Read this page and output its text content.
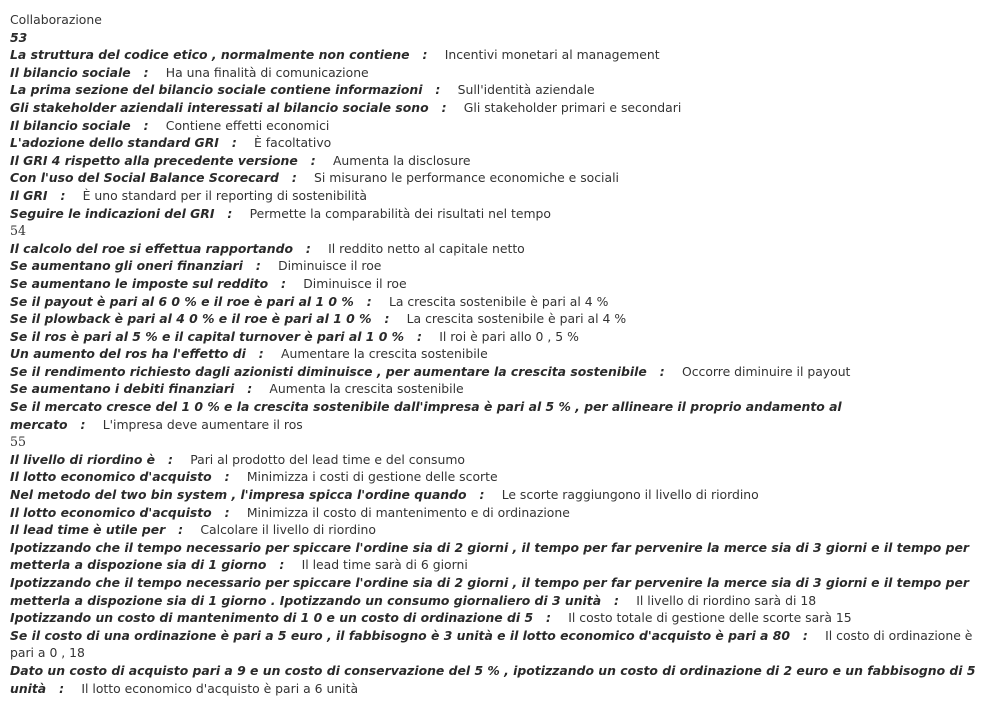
Collaborazione
53
La struttura del codice etico , normalmente non contiene   :    Incentivi monetari al management
Il bilancio sociale   :    Ha una finalità di comunicazione
La prima sezione del bilancio sociale contiene informazioni   :    Sull'identità aziendale
Gli stakeholder aziendali interessati al bilancio sociale sono   :    Gli stakeholder primari e secondari
Il bilancio sociale   :    Contiene effetti economici
L'adozione dello standard GRI   :    È facoltativo
Il GRI 4 rispetto alla precedente versione   :    Aumenta la disclosure
Con l'uso del Social Balance Scorecard   :    Si misurano le performance economiche e sociali
Il GRI   :    È uno standard per il reporting di sostenibilità
Seguire le indicazioni del GRI   :    Permette la comparabilità dei risultati nel tempo
54
Il calcolo del roe si effettua rapportando   :    Il reddito netto al capitale netto
Se aumentano gli oneri finanziari   :    Diminuisce il roe
Se aumentano le imposte sul reddito   :    Diminuisce il roe
Se il payout è pari al 6 0 % e il roe è pari al 1 0 %   :    La crescita sostenibile è pari al 4 %
Se il plowback è pari al 4 0 % e il roe è pari al 1 0 %   :    La crescita sostenibile è pari al 4 %
Se il ros è pari al 5 % e il capital turnover è pari al 1 0 %   :    Il roi è pari allo 0 , 5 %
Un aumento del ros ha l'effetto di   :    Aumentare la crescita sostenibile
Se il rendimento richiesto dagli azionisti diminuisce , per aumentare la crescita sostenibile   :    Occorre diminuire il payout
Se aumentano i debiti finanziari   :    Aumenta la crescita sostenibile
Se il mercato cresce del 1 0 % e la crescita sostenibile dall'impresa è pari al 5 % , per allineare il proprio andamento al mercato   :    L'impresa deve aumentare il ros
55
Il livello di riordino è   :    Pari al prodotto del lead time e del consumo
Il lotto economico d'acquisto   :    Minimizza i costi di gestione delle scorte
Nel metodo del two bin system , l'impresa spicca l'ordine quando   :    Le scorte raggiungono il livello di riordino
Il lotto economico d'acquisto   :    Minimizza il costo di mantenimento e di ordinazione
Il lead time è utile per   :    Calcolare il livello di riordino
Ipotizzando che il tempo necessario per spiccare l'ordine sia di 2 giorni , il tempo per far pervenire la merce sia di 3 giorni e il tempo per metterla a dispozione sia di 1 giorno   :    Il lead time sarà di 6 giorni
Ipotizzando che il tempo necessario per spiccare l'ordine sia di 2 giorni , il tempo per far pervenire la merce sia di 3 giorni e il tempo per metterla a dispozione sia di 1 giorno . Ipotizzando un consumo giornaliero di 3 unità   :    Il livello di riordino sarà di 18
Ipotizzando un costo di mantenimento di 1 0 e un costo di ordinazione di 5   :    Il costo totale di gestione delle scorte sarà 15
Se il costo di una ordinazione è pari a 5 euro , il fabbisogno è 3 unità e il lotto economico d'acquisto è pari a 80   :    Il costo di ordinazione è pari a 0 , 18
Dato un costo di acquisto pari a 9 e un costo di conservazione del 5 % , ipotizzando un costo di ordinazione di 2 euro e un fabbisogno di 5 unità   :    Il lotto economico d'acquisto è pari a 6 unità
